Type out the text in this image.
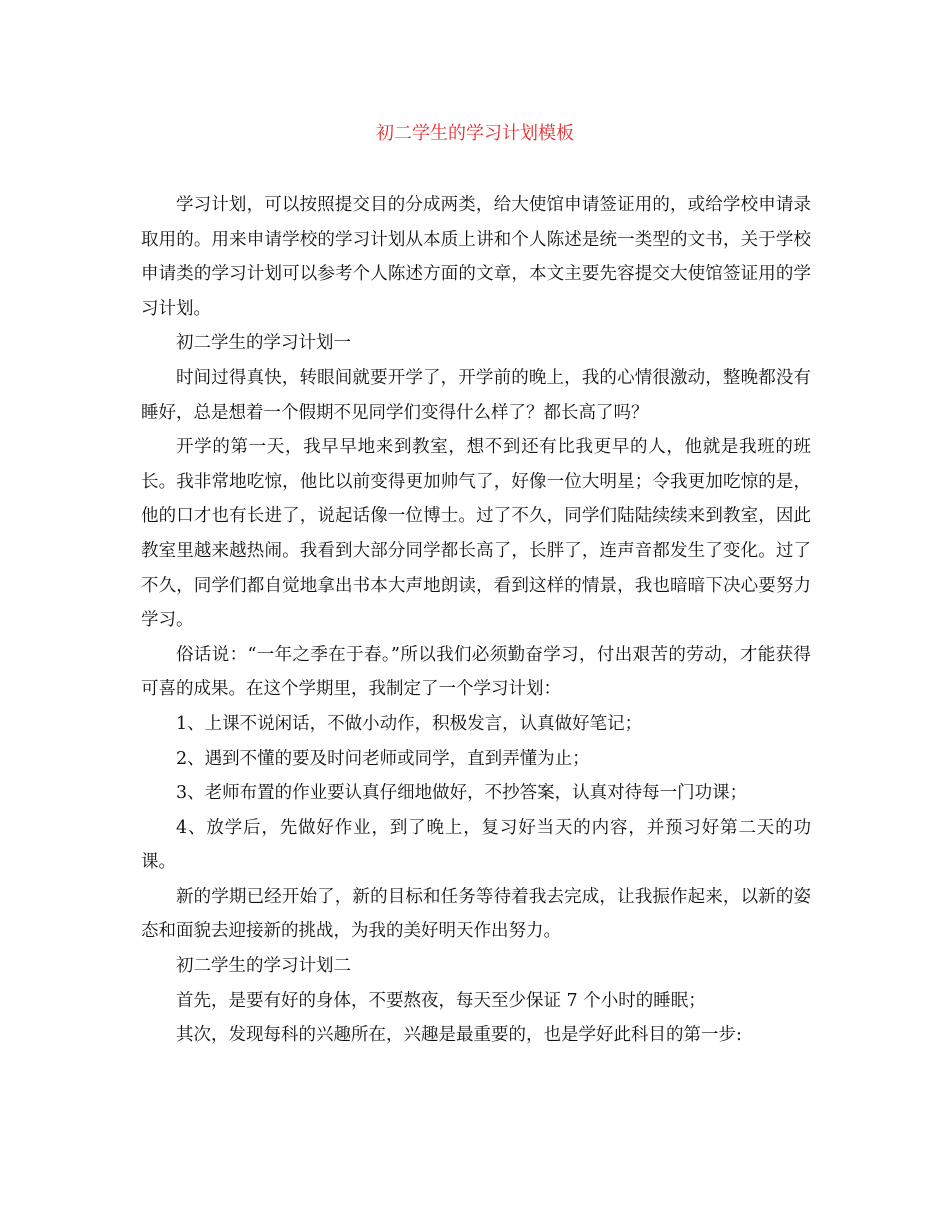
初二学生的学习计划模板

学习计划，可以按照提交目的分成两类，给大使馆申请签证用的，或给学校申请录取用的。用来申请学校的学习计划从本质上讲和个人陈述是统一类型的文书，关于学校申请类的学习计划可以参考个人陈述方面的文章，本文主要先容提交大使馆签证用的学习计划。

初二学生的学习计划一

时间过得真快，转眼间就要开学了，开学前的晚上，我的心情很激动，整晚都没有睡好，总是想着一个假期不见同学们变得什么样了？都长高了吗？

开学的第一天，我早早地来到教室，想不到还有比我更早的人，他就是我班的班长。我非常地吃惊，他比以前变得更加帅气了，好像一位大明星；令我更加吃惊的是，他的口才也有长进了，说起话像一位博士。过了不久，同学们陆陆续续来到教室，因此教室里越来越热闹。我看到大部分同学都长高了，长胖了，连声音都发生了变化。过了不久，同学们都自觉地拿出书本大声地朗读，看到这样的情景，我也暗暗下决心要努力学习。

俗话说：“一年之季在于春。”所以我们必须勤奋学习，付出艰苦的劳动，才能获得可喜的成果。在这个学期里，我制定了一个学习计划：

1、上课不说闲话，不做小动作，积极发言，认真做好笔记；

2、遇到不懂的要及时问老师或同学，直到弄懂为止；

3、老师布置的作业要认真仔细地做好，不抄答案，认真对待每一门功课；

4、放学后，先做好作业，到了晚上，复习好当天的内容，并预习好第二天的功课。

新的学期已经开始了，新的目标和任务等待着我去完成，让我振作起来，以新的姿态和面貌去迎接新的挑战，为我的美好明天作出努力。

初二学生的学习计划二

首先，是要有好的身体，不要熬夜，每天至少保证 7 个小时的睡眠；

其次，发现每科的兴趣所在，兴趣是最重要的，也是学好此科目的第一步:
